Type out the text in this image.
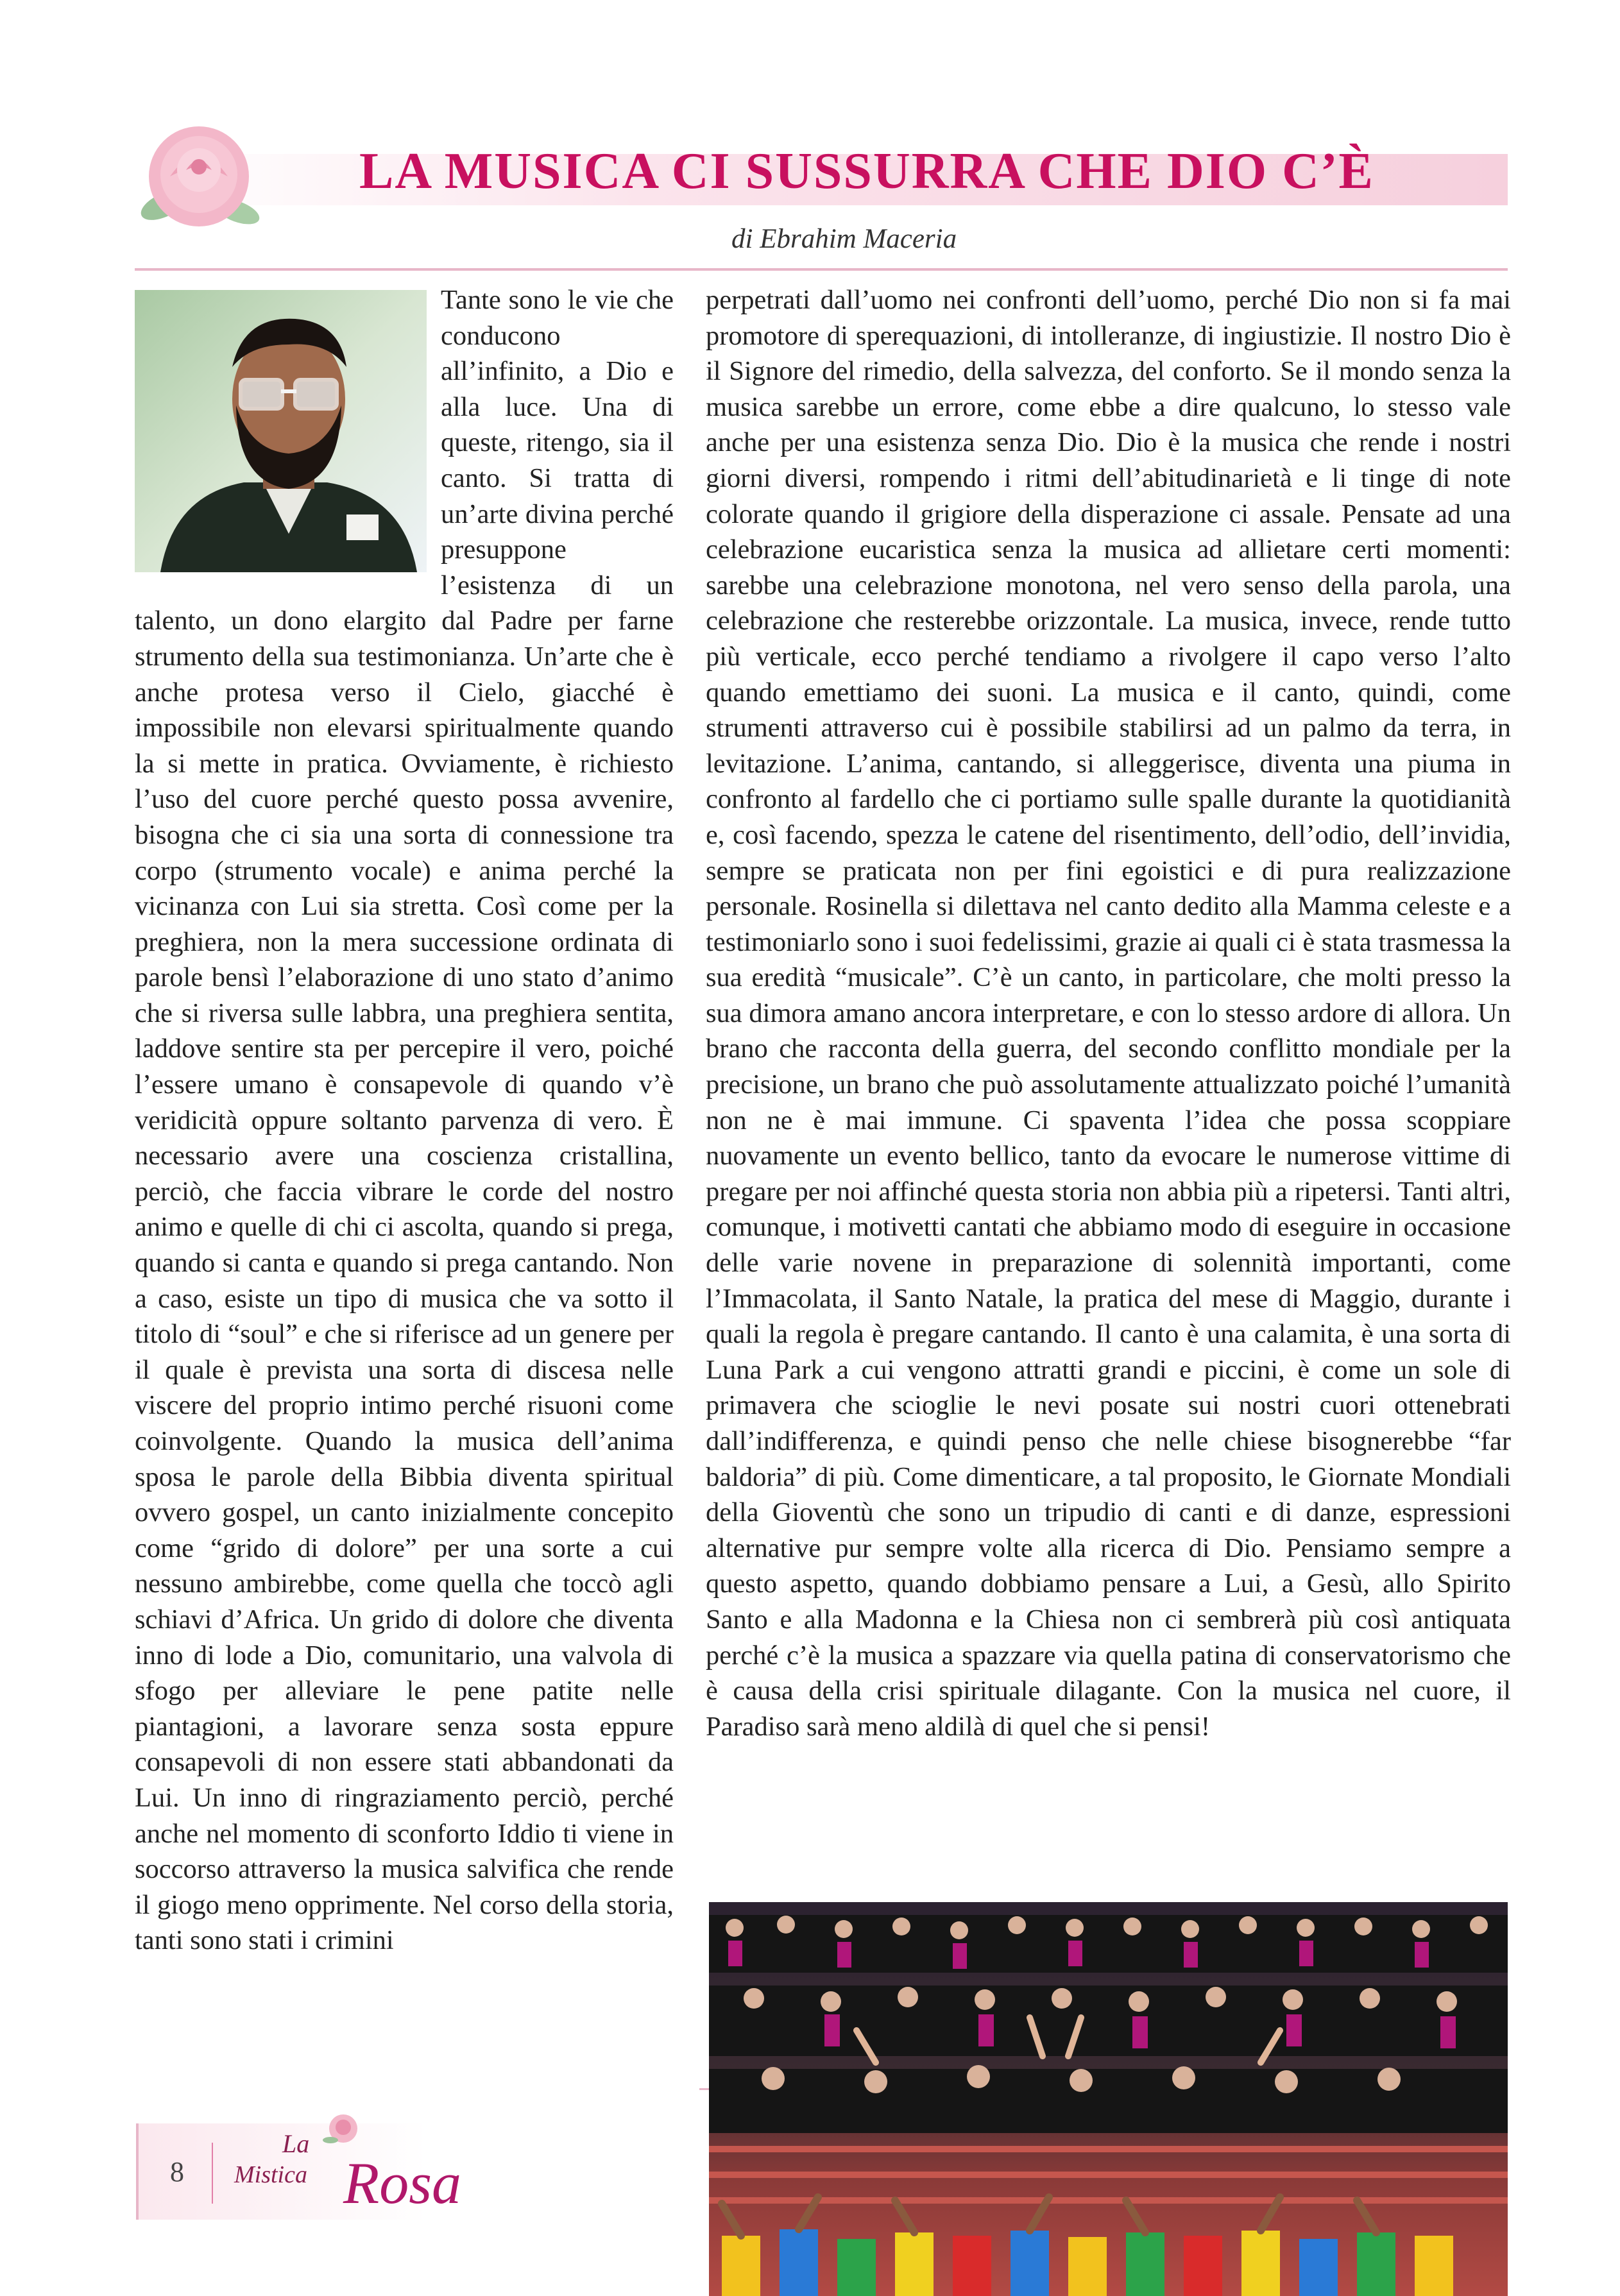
LA MUSICA CI SUSSURRA CHE DIO C’È
di Ebrahim Maceria

Tante sono le vie che conducono all’infinito, a Dio e alla luce. Una di queste, ritengo, sia il canto. Si tratta di un’arte divina perché presuppone l’esistenza di un talento, un dono elargito dal Padre per farne strumento della sua testimonianza. Un’arte che è anche protesa verso il Cielo, giacché è impossibile non elevarsi spiritualmente quando la si mette in pratica. Ovviamente, è richiesto l’uso del cuore perché questo possa avvenire, bisogna che ci sia una sorta di connessione tra corpo (strumento vocale) e anima perché la vicinanza con Lui sia stretta. Così come per la preghiera, non la mera successione ordinata di parole bensì l’elaborazione di uno stato d’animo che si riversa sulle labbra, una preghiera sentita, laddove sentire sta per percepire il vero, poiché l’essere umano è consapevole di quando v’è veridicità oppure soltanto parvenza di vero. È necessario avere una coscienza cristallina, perciò, che faccia vibrare le corde del nostro animo e quelle di chi ci ascolta, quando si prega, quando si canta e quando si prega cantando. Non a caso, esiste un tipo di musica che va sotto il titolo di “soul” e che si riferisce ad un genere per il quale è prevista una sorta di discesa nelle viscere del proprio intimo perché risuoni come coinvolgente. Quando la musica dell’anima sposa le parole della Bibbia diventa spiritual ovvero gospel, un canto inizialmente concepito come “grido di dolore” per una sorte a cui nessuno ambirebbe, come quella che toccò agli schiavi d’Africa. Un grido di dolore che diventa inno di lode a Dio, comunitario, una valvola di sfogo per alleviare le pene patite nelle piantagioni, a lavorare senza sosta eppure consapevoli di non essere stati abbandonati da Lui. Un inno di ringraziamento perciò, perché anche nel momento di sconforto Iddio ti viene in soccorso attraverso la musica salvifica che rende il giogo meno opprimente. Nel corso della storia, tanti sono stati i crimini

perpetrati dall’uomo nei confronti dell’uomo, perché Dio non si fa mai promotore di sperequazioni, di intolleranze, di ingiustizie. Il nostro Dio è il Signore del rimedio, della salvezza, del conforto. Se il mondo senza la musica sarebbe un errore, come ebbe a dire qualcuno, lo stesso vale anche per una esistenza senza Dio. Dio è la musica che rende i nostri giorni diversi, rompendo i ritmi dell’abitudinarietà e li tinge di note colorate quando il grigiore della disperazione ci assale. Pensate ad una celebrazione eucaristica senza la musica ad allietare certi momenti: sarebbe una celebrazione monotona, nel vero senso della parola, una celebrazione che resterebbe orizzontale. La musica, invece, rende tutto più verticale, ecco perché tendiamo a rivolgere il capo verso l’alto quando emettiamo dei suoni. La musica e il canto, quindi, come strumenti attraverso cui è possibile stabilirsi ad un palmo da terra, in levitazione. L’anima, cantando, si alleggerisce, diventa una piuma in confronto al fardello che ci portiamo sulle spalle durante la quotidianità e, così facendo, spezza le catene del risentimento, dell’odio, dell’invidia, sempre se praticata non per fini egoistici e di pura realizzazione personale. Rosinella si dilettava nel canto dedito alla Mamma celeste e a testimoniarlo sono i suoi fedelissimi, grazie ai quali ci è stata trasmessa la sua eredità “musicale”. C’è un canto, in particolare, che molti presso la sua dimora amano ancora interpretare, e con lo stesso ardore di allora. Un brano che racconta della guerra, del secondo conflitto mondiale per la precisione, un brano che può assolutamente attualizzato poiché l’umanità non ne è mai immune. Ci spaventa l’idea che possa scoppiare nuovamente un evento bellico, tanto da evocare le numerose vittime di pregare per noi affinché questa storia non abbia più a ripetersi. Tanti altri, comunque, i motivetti cantati che abbiamo modo di eseguire in occasione delle varie novene in preparazione di solennità importanti, come l’Immacolata, il Santo Natale, la pratica del mese di Maggio, durante i quali la regola è pregare cantando. Il canto è una calamita, è una sorta di Luna Park a cui vengono attratti grandi e piccini, è come un sole di primavera che scioglie le nevi posate sui nostri cuori ottenebrati dall’indifferenza, e quindi penso che nelle chiese bisognerebbe “far baldoria” di più. Come dimenticare, a tal proposito, le Giornate Mondiali della Gioventù che sono un tripudio di canti e di danze, espressioni alternative pur sempre volte alla ricerca di Dio. Pensiamo sempre a questo aspetto, quando dobbiamo pensare a Lui, a Gesù, allo Spirito Santo e alla Madonna e la Chiesa non ci sembrerà più così antiquata perché c’è la musica a spazzare via quella patina di conservatorismo che è causa della crisi spirituale dilagante. Con la musica nel cuore, il Paradiso sarà meno aldilà di quel che si pensi!

8
La
Mistica Rosa
